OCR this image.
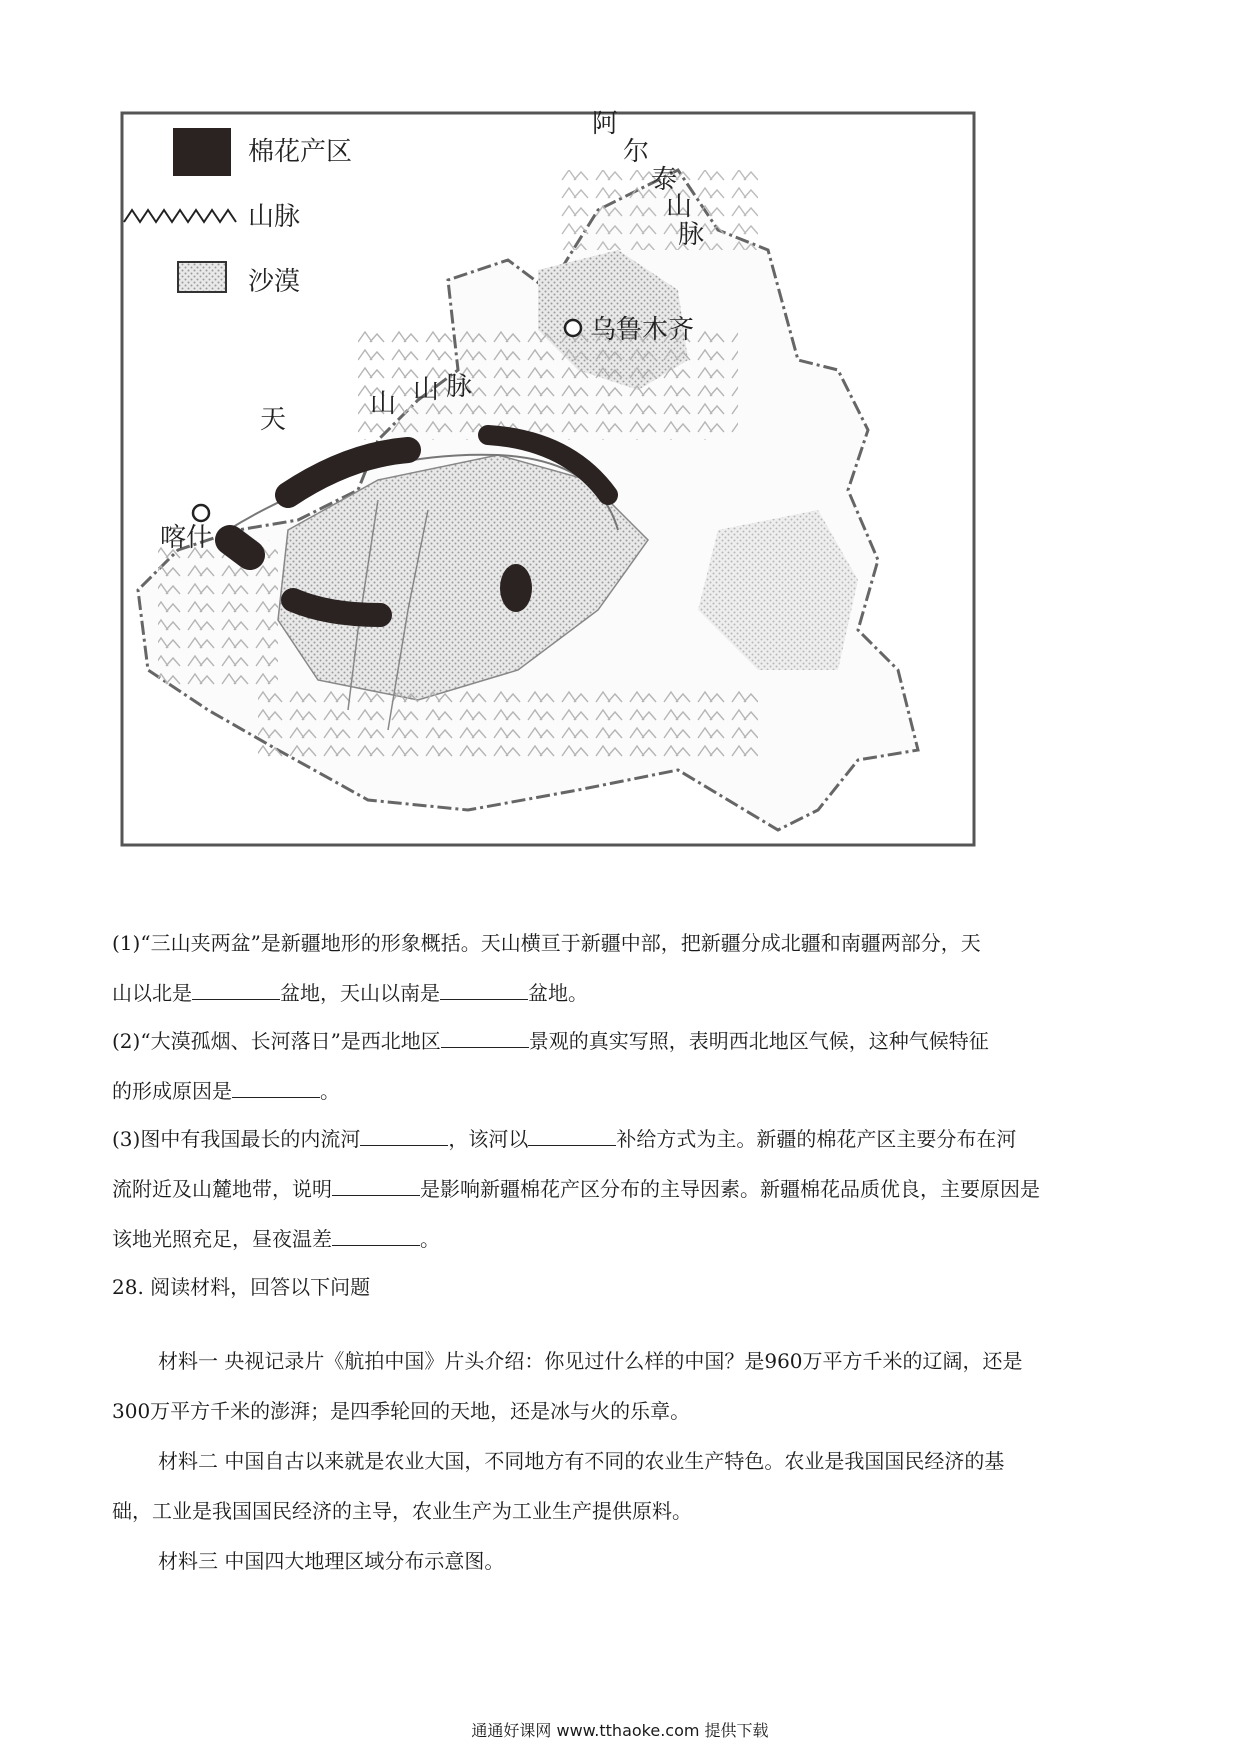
棉花产区
山脉
沙漠
阿
尔
泰
山
脉
乌鲁木齐
天
山 山 脉
喀什
(1)“三山夹两盆”是新疆地形的形象概括。天山横亘于新疆中部，把新疆分成北疆和南疆两部分，天
山以北是	盆地，天山以南是	盆地。
(2)“大漠孤烟、长河落日”是西北地区	景观的真实写照，表明西北地区气候，这种气候特征
的形成原因是	。
(3)图中有我国最长的内流河	，该河以	补给方式为主。新疆的棉花产区主要分布在河
流附近及山麓地带，说明	是影响新疆棉花产区分布的主导因素。新疆棉花品质优良，主要原因是
该地光照充足，昼夜温差	。
28. 阅读材料，回答以下问题
材料一 央视记录片《航拍中国》片头介绍：你见过什么样的中国？是960万平方千米的辽阔，还是
300万平方千米的澎湃；是四季轮回的天地，还是冰与火的乐章。
材料二 中国自古以来就是农业大国，不同地方有不同的农业生产特色。农业是我国国民经济的基
础，工业是我国国民经济的主导，农业生产为工业生产提供原料。
材料三 中国四大地理区域分布示意图。
通通好课网 www.tthaoke.com 提供下载
